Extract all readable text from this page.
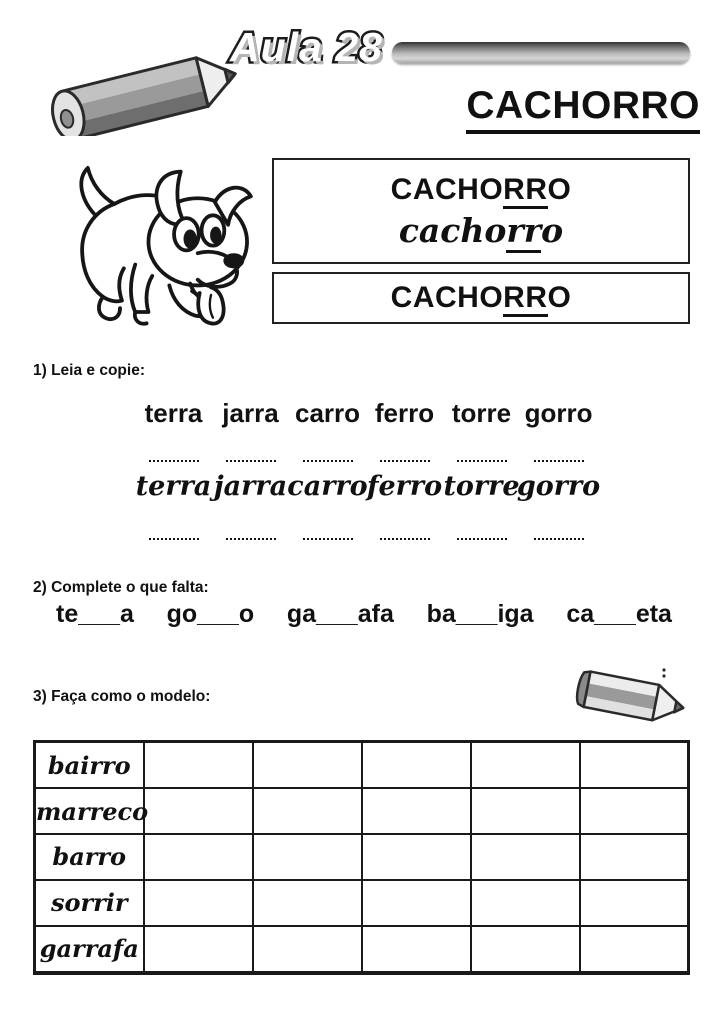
Aula 28
CACHORRO
CACHORRO
cachorro
CACHORRO
1) Leia e copie:
terra
terra
jarra
jarra
carro
carro
ferro
ferro
torre
torre
gorro
gorro
2) Complete o que falta:
te___a go___o ga___afa ba___iga ca___eta
3) Faça como o modelo:
bairro					
marreco					
barro					
sorrir					
garrafa					
